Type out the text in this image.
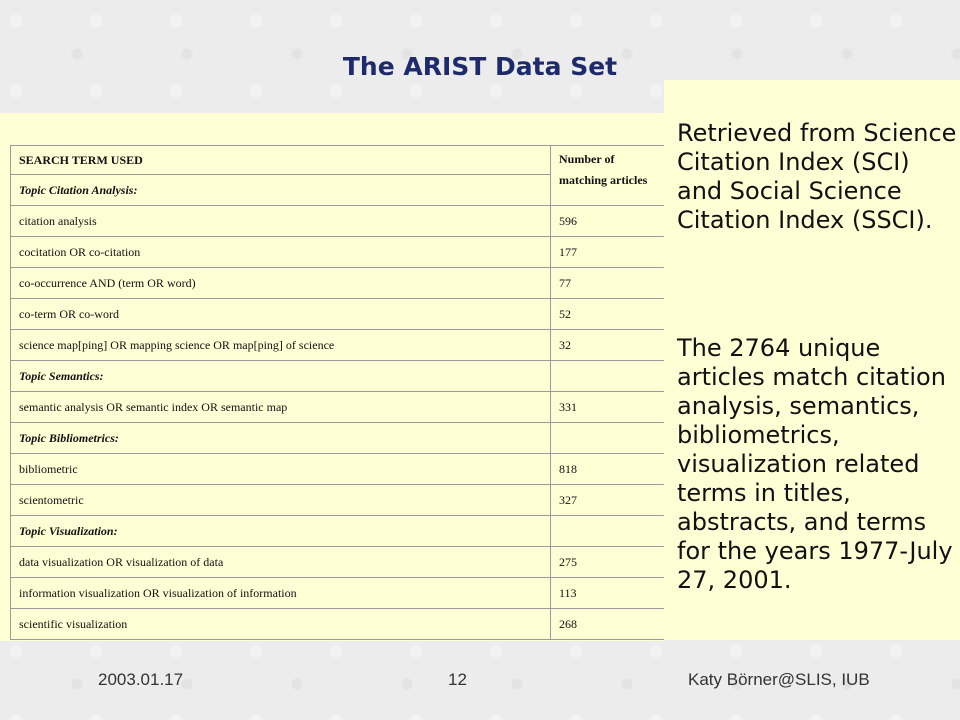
The ARIST Data Set
SEARCH TERM USED	Number of matching articles
Topic Citation Analysis:	
citation analysis	596
cocitation OR co-citation	177
co-occurrence AND (term OR word)	77
co-term OR co-word	52
science map[ping] OR mapping science OR map[ping] of science	32
Topic Semantics:	
semantic analysis OR semantic index OR semantic map	331
Topic Bibliometrics:	
bibliometric	818
scientometric	327
Topic Visualization:	
data visualization OR visualization of data	275
information visualization OR visualization of information	113
scientific visualization	268

Retrieved from Science Citation Index (SCI) and Social Science Citation Index (SSCI).

The 2764 unique articles match citation analysis, semantics, bibliometrics, visualization related terms in titles, abstracts, and terms for the years 1977-July 27, 2001.

2003.01.17	12	Katy Börner@SLIS, IUB
